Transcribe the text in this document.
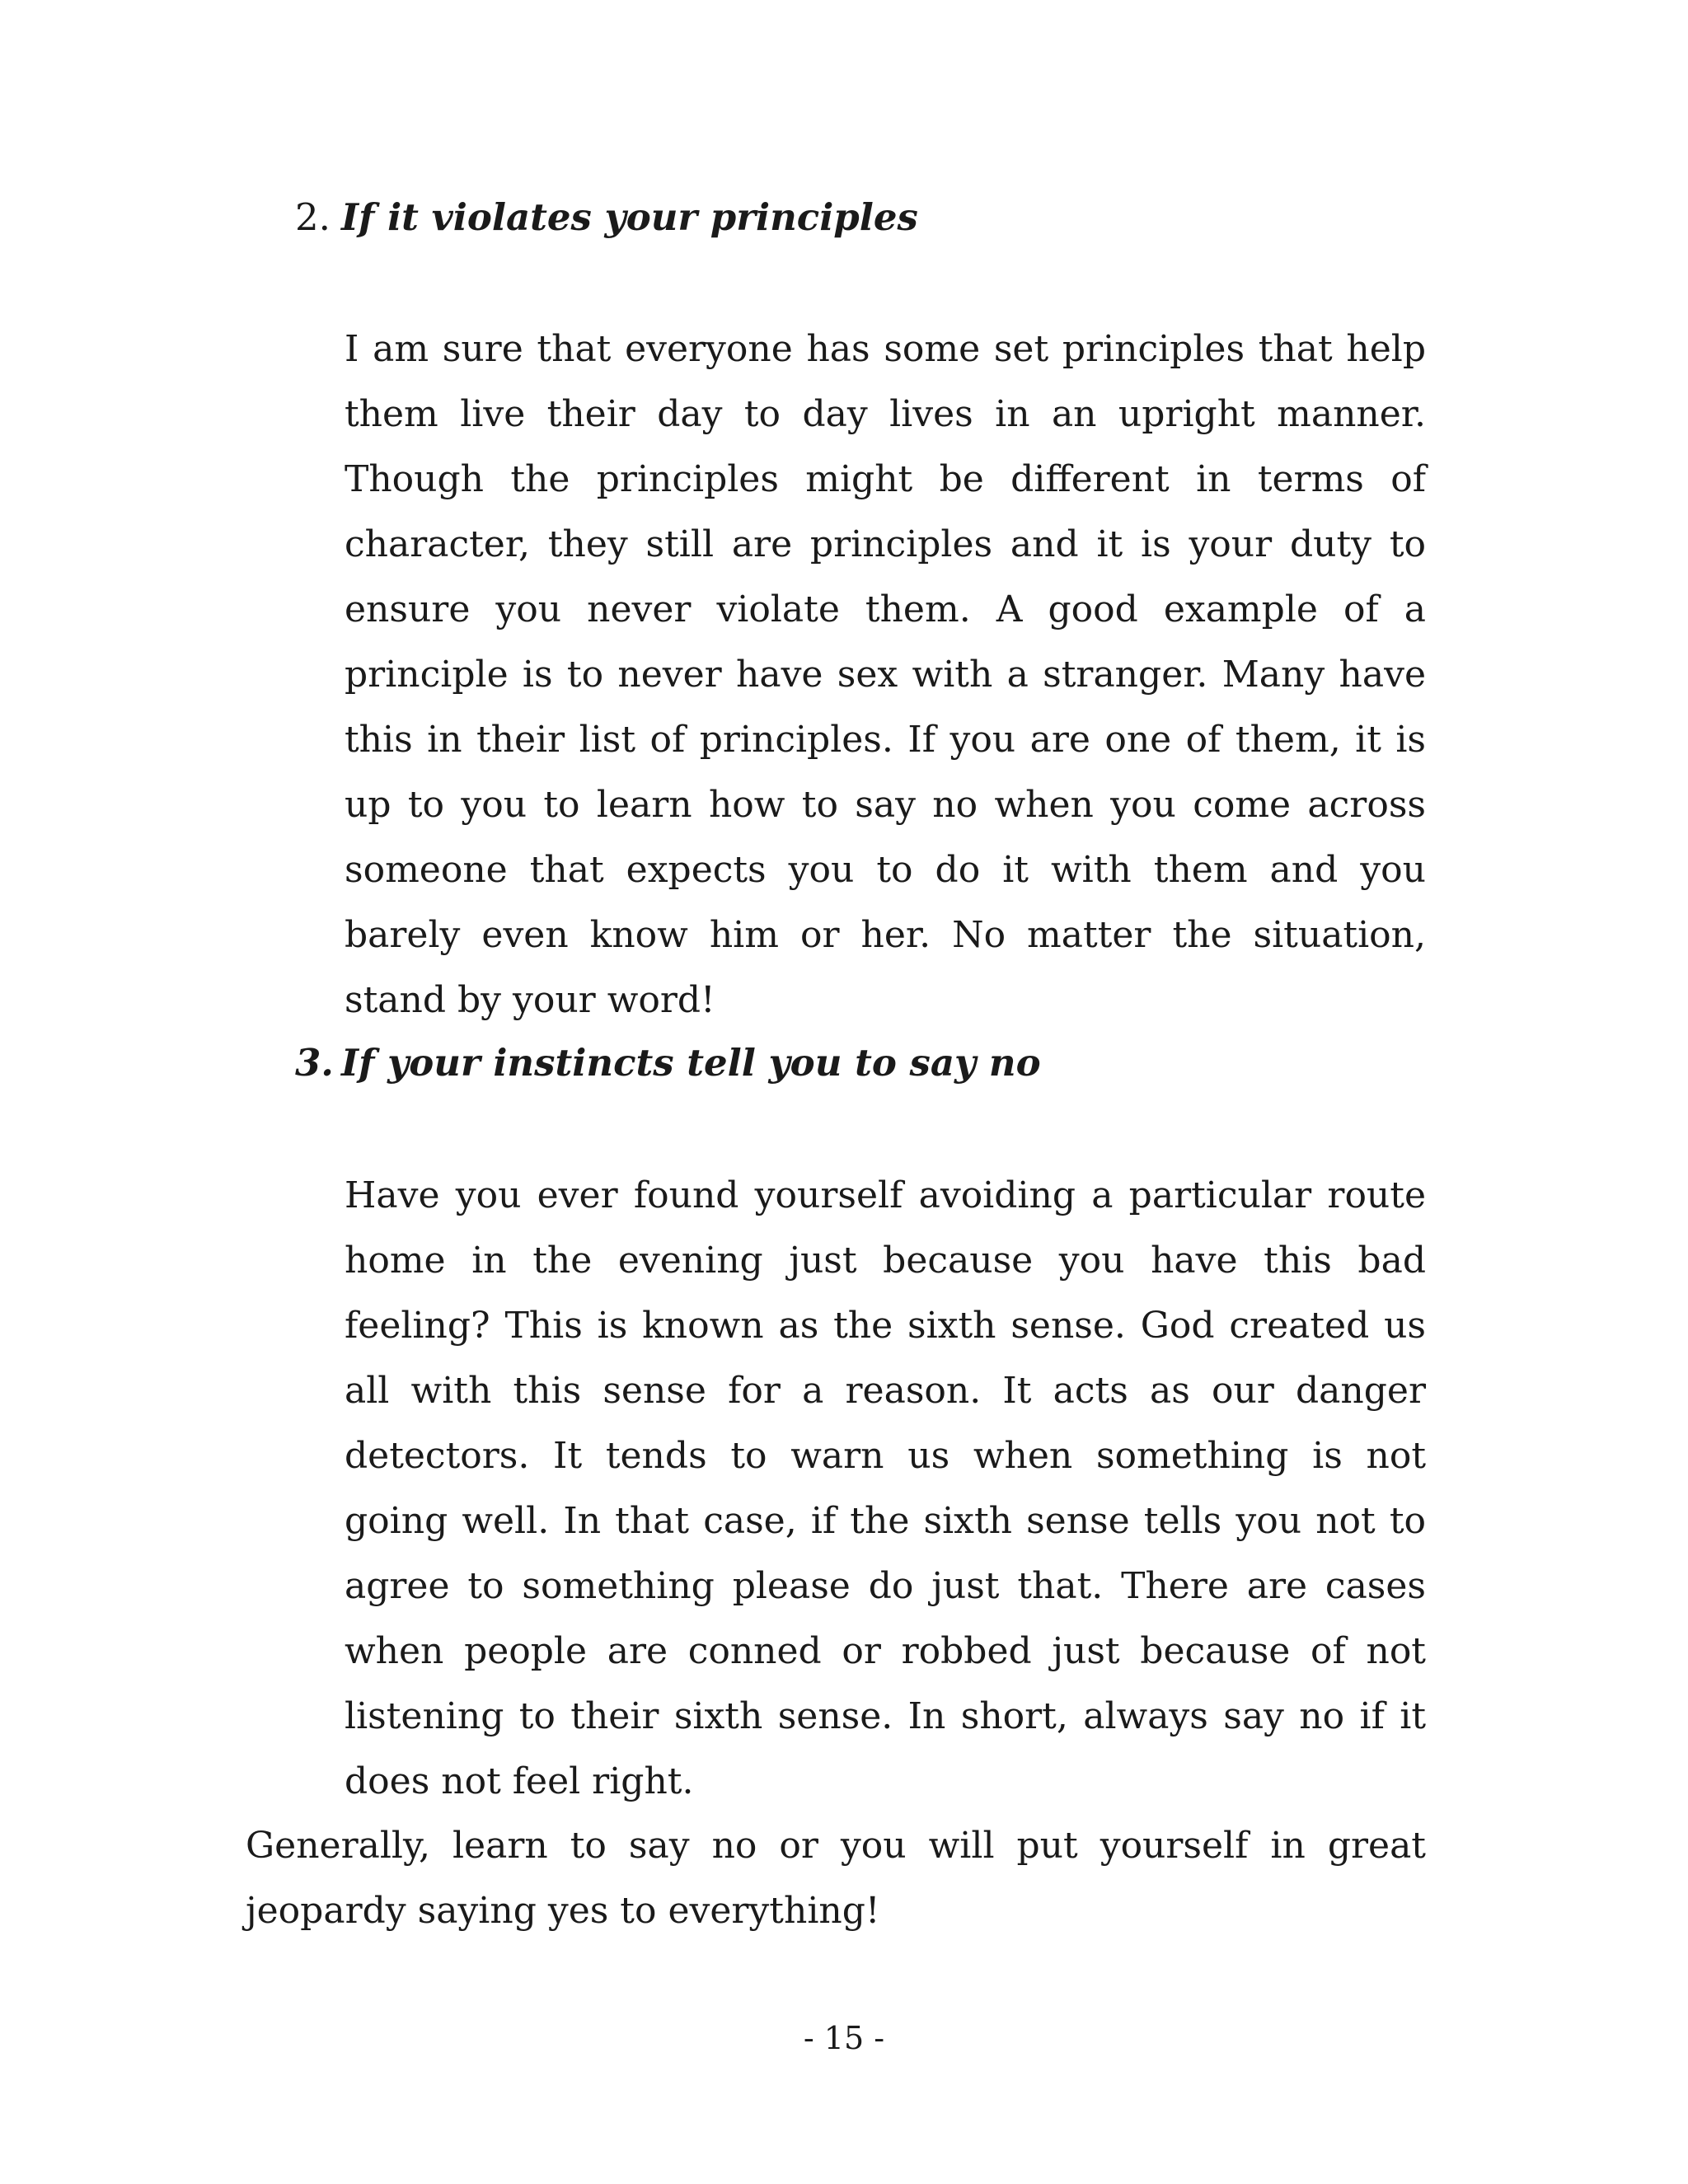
2. If it violates your principles

I am sure that everyone has some set principles that help them live their day to day lives in an upright manner. Though the principles might be different in terms of character, they still are principles and it is your duty to ensure you never violate them. A good example of a principle is to never have sex with a stranger. Many have this in their list of principles. If you are one of them, it is up to you to learn how to say no when you come across someone that expects you to do it with them and you barely even know him or her. No matter the situation, stand by your word!

3. If your instincts tell you to say no

Have you ever found yourself avoiding a particular route home in the evening just because you have this bad feeling? This is known as the sixth sense. God created us all with this sense for a reason. It acts as our danger detectors. It tends to warn us when something is not going well. In that case, if the sixth sense tells you not to agree to something please do just that. There are cases when people are conned or robbed just because of not listening to their sixth sense. In short, always say no if it does not feel right.

Generally, learn to say no or you will put yourself in great jeopardy saying yes to everything!

- 15 -
